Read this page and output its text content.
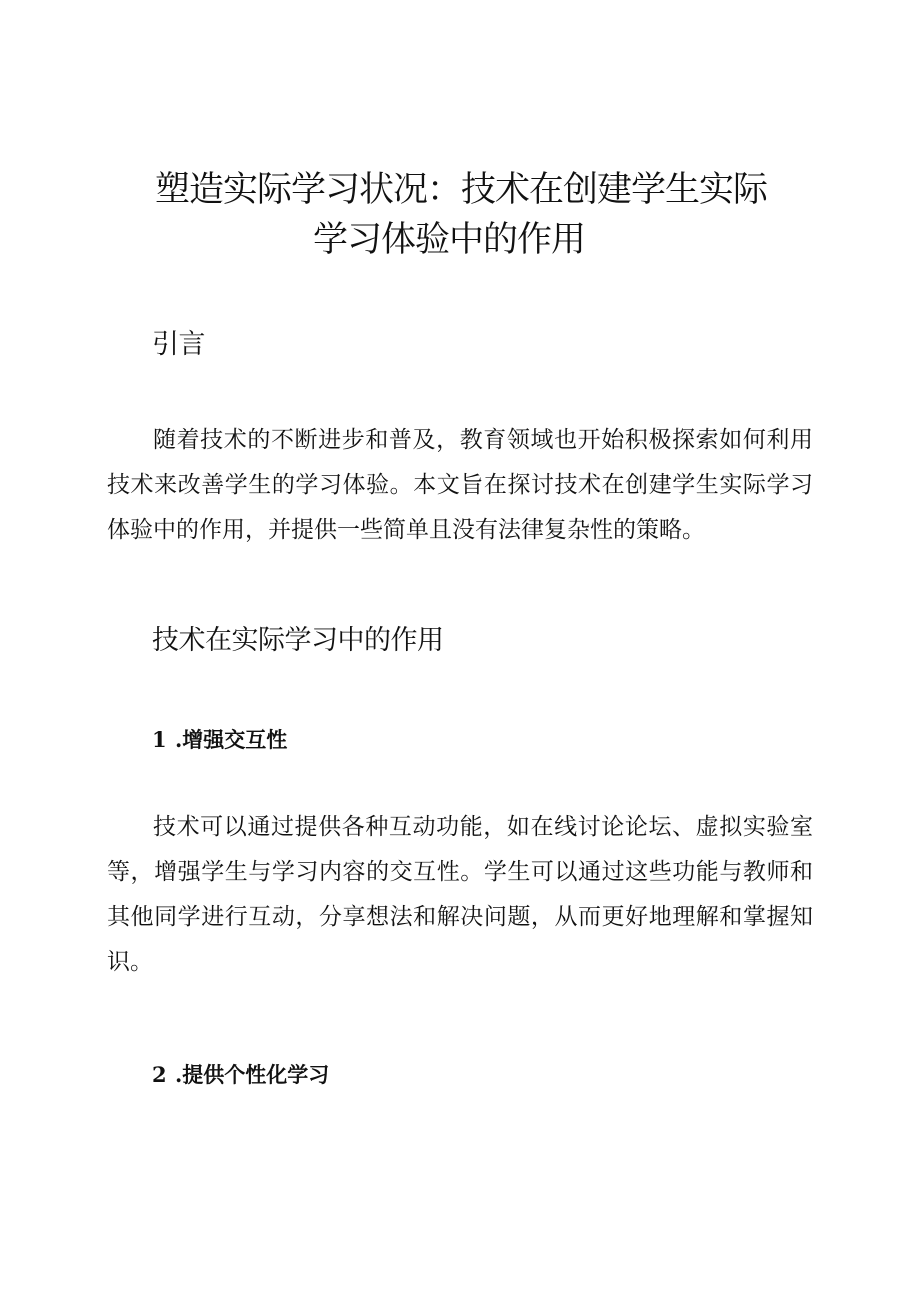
塑造实际学习状况：技术在创建学生实际
学习体验中的作用
引言

随着技术的不断进步和普及，教育领域也开始积极探索如何利用技术来改善学生的学习体验。本文旨在探讨技术在创建学生实际学习体验中的作用，并提供一些简单且没有法律复杂性的策略。

技术在实际学习中的作用
1 .增强交互性

技术可以通过提供各种互动功能，如在线讨论论坛、虚拟实验室等，增强学生与学习内容的交互性。学生可以通过这些功能与教师和其他同学进行互动，分享想法和解决问题，从而更好地理解和掌握知识。

2 .提供个性化学习
